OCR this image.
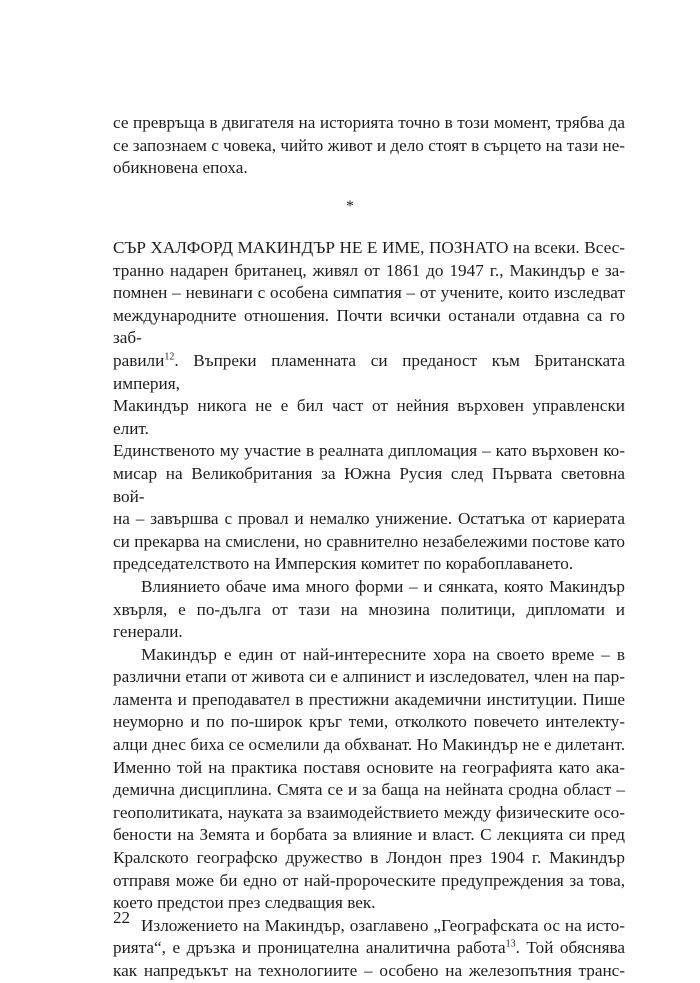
се превръща в двигателя на историята точно в този момент, трябва да

се запознаем с човека, чийто живот и дело стоят в сърцето на тази не-

обикновена епоха.

*

СЪР ХАЛФОРД МАКИНДЪР НЕ Е ИМЕ, ПОЗНАТО на всеки. Всес-

транно надарен британец, живял от 1861 до 1947 г., Макиндър е за-

помнен – невинаги с особена симпатия – от учените, които изследват

международните отношения. Почти всички останали отдавна са го заб-

равили$^{12}$. Въпреки пламенната си преданост към Британската империя,

Макиндър никога не е бил част от нейния върховен управленски елит.

Единственото му участие в реалната дипломация – като върховен ко-

мисар на Великобритания за Южна Русия след Първата световна вой-

на – завършва с провал и немалко унижение. Остатъка от кариерата

си прекарва на смислени, но сравнително незабележими постове като

председателството на Имперския комитет по корабоплаването.

Влиянието обаче има много форми – и сянката, която Макиндър

хвърля, е по-дълга от тази на мнозина политици, дипломати и генерали.

Макиндър е един от най-интересните хора на своето време – в

различни етапи от живота си е алпинист и изследовател, член на пар-

ламента и преподавател в престижни академични институции. Пише

неуморно и по по-широк кръг теми, отколкото повечето интелекту-

алци днес биха се осмелили да обхванат. Но Макиндър не е дилетант.

Именно той на практика поставя основите на географията като ака-

демична дисциплина. Смята се и за баща на нейната сродна област –

геополитиката, науката за взаимодействието между физическите осо-

бености на Земята и борбата за влияние и власт. С лекцията си пред

Кралското географско дружество в Лондон през 1904 г. Макиндър

отправя може би едно от най-пророческите предупреждения за това,

което предстои през следващия век.

Изложението на Макиндър, озаглавено „Географската ос на исто-

рията“, е дръзка и проницателна аналитична работа$^{13}$. Той обяснява

как напредъкът на технологиите – особено на железопътния транс-

22
